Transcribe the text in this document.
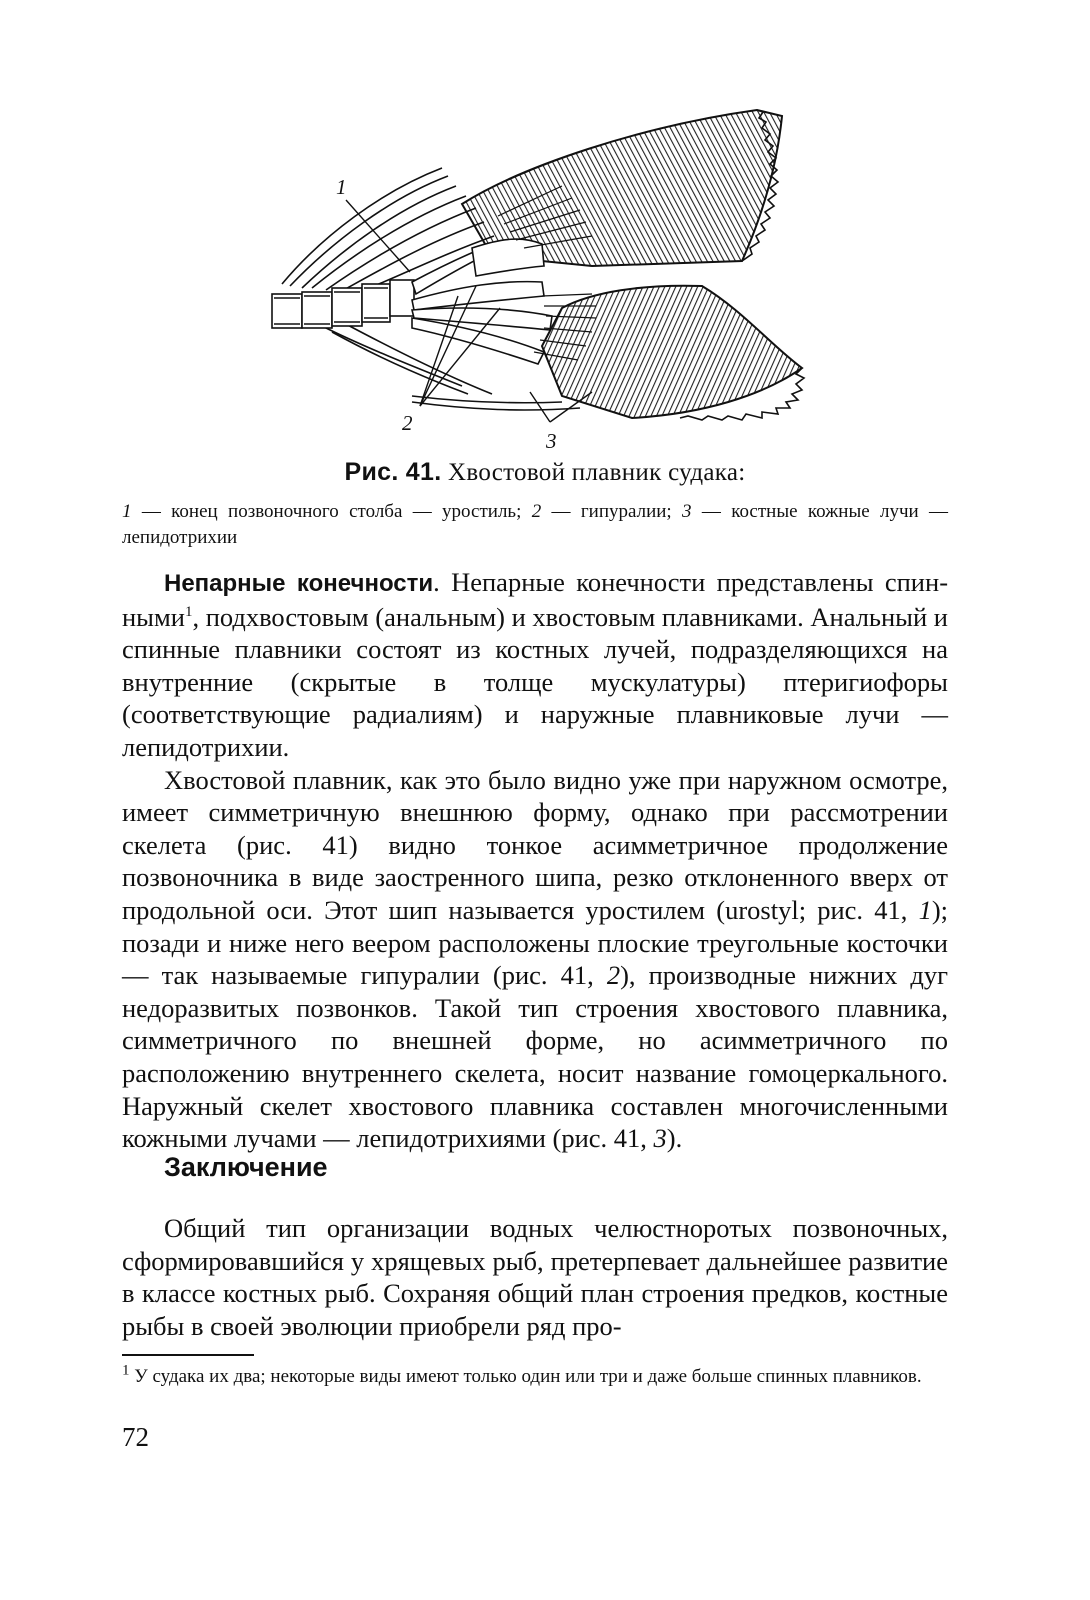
1
2
3
Рис. 41. Хвостовой плавник судака:
1 — конец позвоночного столба — уростиль; 2 — гипуралии; 3 — костные кожные лучи — лепидотрихии

Непарные конечности. Непарные конечности представлены спинными$^1$, подхвостовым (анальным) и хвостовым плавниками. Анальный и спинные плавники состоят из костных лучей, подразделяющихся на внутренние (скрытые в толще мускулатуры) птеригиофоры (соответствующие радиалиям) и наружные плавниковые лучи — лепидотрихии.

Хвостовой плавник, как это было видно уже при наружном осмотре, имеет симметричную внешнюю форму, однако при рассмотрении скелета (рис. 41) видно тонкое асимметричное продолжение позвоночника в виде заостренного шипа, резко отклоненного вверх от продольной оси. Этот шип называется уростилем (urostyl; рис. 41, 1); позади и ниже него веером расположены плоские треугольные косточки — так называемые гипуралии (рис. 41, 2), производные нижних дуг недоразвитых позвонков. Такой тип строения хвостового плавника, симметричного по внешней форме, но асимметричного по расположению внутреннего скелета, носит название гомоцеркального. Наружный скелет хвостового плавника составлен многочисленными кожными лучами — лепидотрихиями (рис. 41, 3).

Заключение

Общий тип организации водных челюстноротых позвоночных, сформировавшийся у хрящевых рыб, претерпевает дальнейшее развитие в классе костных рыб. Сохраняя общий план строения предков, костные рыбы в своей эволюции приобрели ряд про-

$^1$ У судака их два; некоторые виды имеют только один или три и даже больше спинных плавников.
72
